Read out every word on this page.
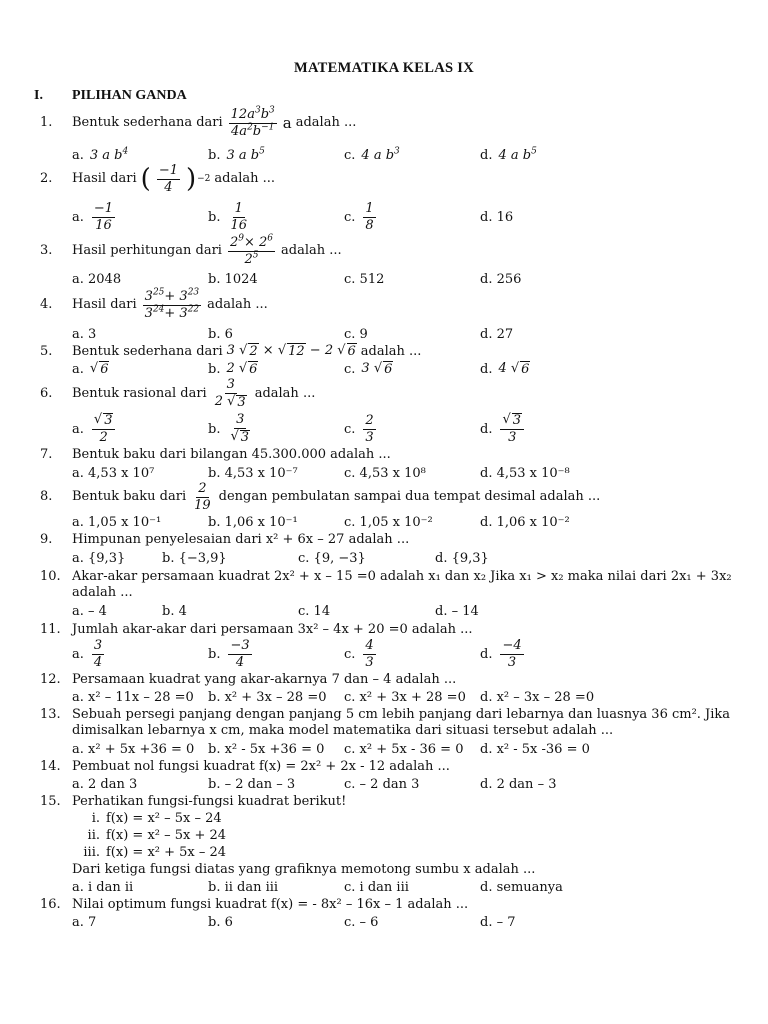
MATEMATIKA KELAS IX
I. PILIHAN GANDA
1.	Bentuk sederhana dari $\frac{12a^3b^3}{4a^2b^{-1}}$ a adalah ...
a. 3 a $b^4$	b. 3 a $b^5$	c. 4 a $b^3$	d. 4 a $b^5$
2.	Hasil dari ( $\frac{-1}{4}$ ) −2 adalah ...
a. $\frac{-1}{16}$	b. $\frac{1}{16}$	c. $\frac{1}{8}$	d. 16
3.	Hasil perhitungan dari $\frac{2^9\times 2^6}{2^5}$ adalah ...
a. 2048	b. 1024	c. 512	d. 256
4.	Hasil dari $\frac{3^{25}+ 3^{23}}{3^{24}+ 3^{22}}$ adalah ...
a. 3	b. 6	c. 9	d. 27
5.	Bentuk sederhana dari 3 √ 2 × √ 12 − 2 √ 6 adalah ...
a. √ 6	b. 2 √ 6	c. 3 √ 6	d. 4 √ 6
6.	Bentuk rasional dari $\frac{3}{2 √ 3}$ adalah ...
a. $\frac{√ 3}{2}$	b. $\frac{3}{√ 3}$	c. $\frac{2}{3}$	d. $\frac{√ 3}{3}$
7.	Bentuk baku dari bilangan 45.300.000 adalah ...
a. 4,53 x 10⁷	b. 4,53 x 10⁻⁷	c. 4,53 x 10⁸	d. 4,53 x 10⁻⁸
8.	Bentuk baku dari $\frac{2}{19}$ dengan pembulatan sampai dua tempat desimal adalah ...
a. 1,05 x 10⁻¹	b. 1,06 x 10⁻¹	c. 1,05 x 10⁻²	d. 1,06 x 10⁻²
9.	Himpunan penyelesaian dari x² + 6x – 27 adalah ...
a. {9,3}	b. {−3,9}	c. {9, −3}	d. {9,3}
10. Akar-akar persamaan kuadrat 2x² + x – 15 =0 adalah x₁ dan x₂ Jika x₁ > x₂ maka nilai dari 2x₁ + 3x₂
adalah ...
a. – 4	b. 4	c. 14	d. – 14
11. Jumlah akar-akar dari persamaan 3x² – 4x + 20 =0 adalah ...
a. $\frac{3}{4}$	b. $\frac{-3}{4}$	c. $\frac{4}{3}$	d. $\frac{-4}{3}$
12. Persamaan kuadrat yang akar-akarnya 7 dan – 4 adalah ...
a. x² – 11x – 28 =0 b. x² + 3x – 28 =0 c. x² + 3x + 28 =0 d. x² – 3x – 28 =0
13. Sebuah persegi panjang dengan panjang 5 cm lebih panjang dari lebarnya dan luasnya 36 cm². Jika
dimisalkan lebarnya x cm, maka model matematika dari situasi tersebut adalah ...
a. x² + 5x +36 = 0 b. x² - 5x +36 = 0 c. x² + 5x - 36 = 0 d. x² - 5x -36 = 0
14. Pembuat nol fungsi kuadrat f(x) = 2x² + 2x - 12 adalah ...
a. 2 dan 3	b. – 2 dan – 3	c. – 2 dan 3	d. 2 dan – 3
15. Perhatikan fungsi-fungsi kuadrat berikut!
i. f(x) = x² – 5x – 24
ii. f(x) = x² – 5x + 24
iii. f(x) = x² + 5x – 24
Dari ketiga fungsi diatas yang grafiknya memotong sumbu x adalah ...
a. i dan ii	b. ii dan iii	c. i dan iii	d. semuanya
16. Nilai optimum fungsi kuadrat f(x) = - 8x² – 16x – 1 adalah ...
a. 7	b. 6	c. – 6	d. – 7
